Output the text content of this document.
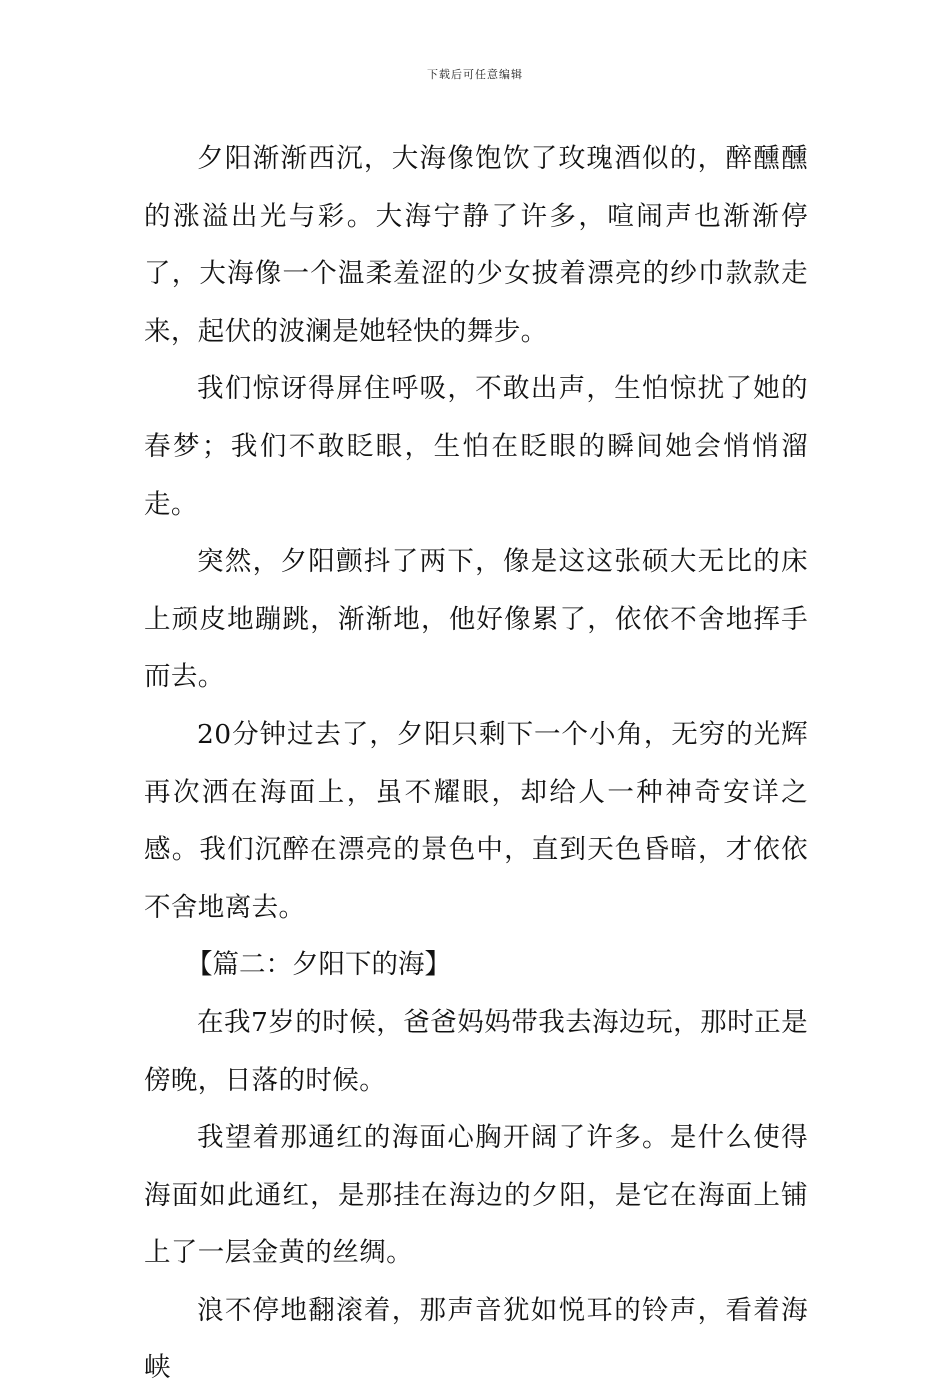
下载后可任意编辑

夕阳渐渐西沉，大海像饱饮了玫瑰酒似的，醉醺醺的涨溢出光与彩。大海宁静了许多，喧闹声也渐渐停了，大海像一个温柔羞涩的少女披着漂亮的纱巾款款走来，起伏的波澜是她轻快的舞步。

我们惊讶得屏住呼吸，不敢出声，生怕惊扰了她的春梦；我们不敢眨眼，生怕在眨眼的瞬间她会悄悄溜走。

突然，夕阳颤抖了两下，像是这这张硕大无比的床上顽皮地蹦跳，渐渐地，他好像累了，依依不舍地挥手而去。

20分钟过去了，夕阳只剩下一个小角，无穷的光辉再次洒在海面上，虽不耀眼，却给人一种神奇安详之感。我们沉醉在漂亮的景色中，直到天色昏暗，才依依不舍地离去。

【篇二：夕阳下的海】

在我7岁的时候，爸爸妈妈带我去海边玩，那时正是傍晚，日落的时候。

我望着那通红的海面心胸开阔了许多。是什么使得海面如此通红，是那挂在海边的夕阳，是它在海面上铺上了一层金黄的丝绸。

浪不停地翻滚着，那声音犹如悦耳的铃声，看着海峡
